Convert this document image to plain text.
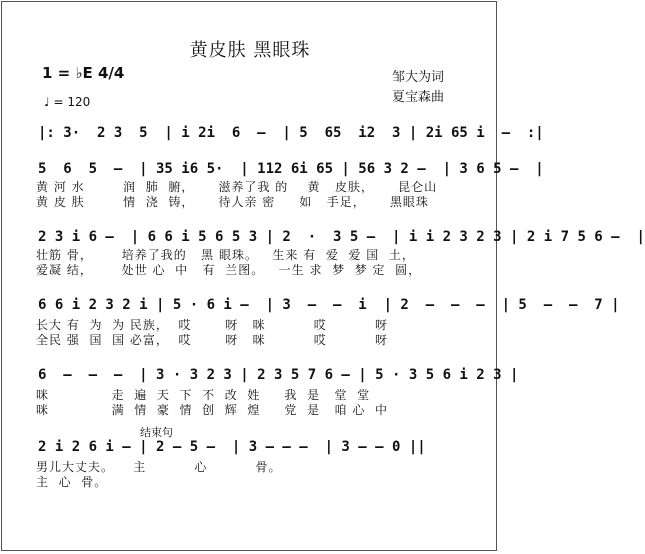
黄皮肤 黑眼珠
1 = ♭E 4/4
♩ = 120
邹大为词
夏宝森曲
|: 3·  2 3  5  | i 2i  6  –  | 5  65  i2  3 | 2i 65 i  –  :|
5  6  5  –  | 35 i6 5·  | 112 6i 65 | 56 3 2 –  | 3 6 5 –  |
黄 河 水        润  肺  腑，     滋养了我 的    黄   皮肤，     昆仑山
黄 皮 肤        情  浇  铸，     待人亲 密     如   手足，     黑眼珠
2 3 i 6 –  | 6 6 i 5 6 5 3 | 2  ·  3 5 –  | i i 2 3 2 3 | 2 i 7 5 6 –  |
壮筋 骨，      培养了我的   黑 眼珠。   生来 有  爱  爱 国  土，
爱凝 结，      处世 心  中   有  兰图。   一生 求  梦  梦 定  圆，
6 6 i 2 3 2 i | 5 · 6 i –  | 3  –  –  i  | 2  –  –  –  | 5  –  –  7 |
长大 有  为  为 民族，  哎       呀   咪          哎          呀
全民 强  国  国 必富，  哎       呀   咪          哎          呀
6  –  –  –  | 3 · 3 2 3 | 2 3 5 7 6 – | 5 · 3 5 6 i 2 3 |
咪             走  遍  天  下  不  改  姓     我  是   堂  堂
咪             满  情  豪  情  创  辉  煌     党  是   咱 心  中
结束句
2 i 2 6 i – | 2 – 5 –  | 3 – – –  | 3 – – 0 ||
男儿大丈夫。    主          心          骨。
主  心  骨。
